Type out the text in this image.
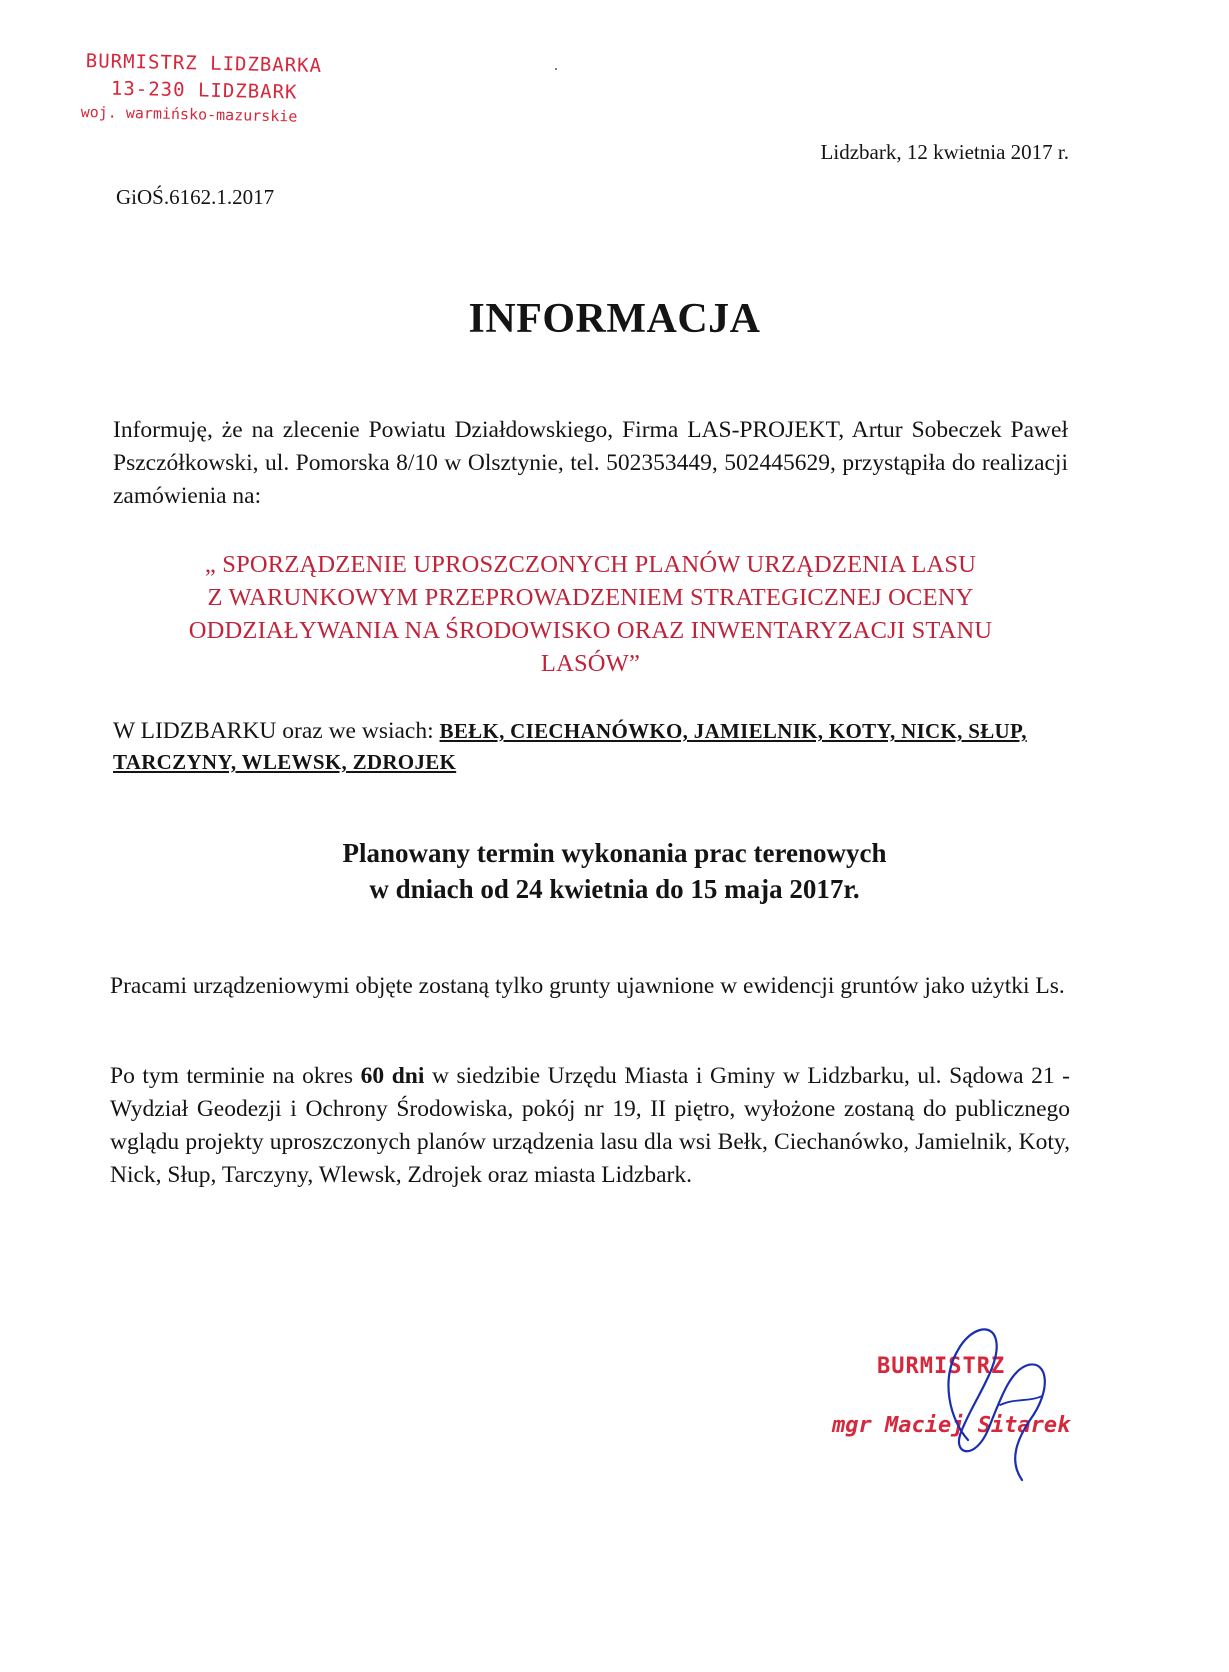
BURMISTRZ LIDZBARKA
13-230 LIDZBARK
woj. warmińsko-mazurskie
Lidzbark, 12 kwietnia 2017 r.
GiOŚ.6162.1.2017
INFORMACJA
Informuję, że na zlecenie Powiatu Działdowskiego, Firma LAS-PROJEKT, Artur Sobeczek Paweł Pszczółkowski, ul. Pomorska 8/10 w Olsztynie, tel. 502353449, 502445629, przystąpiła do realizacji zamówienia na:
„ SPORZĄDZENIE UPROSZCZONYCH PLANÓW URZĄDZENIA LASU
Z WARUNKOWYM PRZEPROWADZENIEM STRATEGICZNEJ OCENY
ODDZIAŁYWANIA NA ŚRODOWISKO ORAZ INWENTARYZACJI STANU
LASÓW”
W LIDZBARKU oraz we wsiach: BEŁK, CIECHANÓWKO, JAMIELNIK, KOTY, NICK, SŁUP, TARCZYNY, WLEWSK, ZDROJEK
Planowany termin wykonania prac terenowych
w dniach od 24 kwietnia do 15 maja 2017r.
Pracami urządzeniowymi objęte zostaną tylko grunty ujawnione w ewidencji gruntów jako użytki Ls.
Po tym terminie na okres 60 dni w siedzibie Urzędu Miasta i Gminy w Lidzbarku, ul. Sądowa 21 - Wydział Geodezji i Ochrony Środowiska, pokój nr 19, II piętro, wyłożone zostaną do publicznego wglądu projekty uproszczonych planów urządzenia lasu dla wsi Bełk, Ciechanówko, Jamielnik, Koty, Nick, Słup, Tarczyny, Wlewsk, Zdrojek oraz miasta Lidzbark.
BURMISTRZ
mgr Maciej Sitarek
